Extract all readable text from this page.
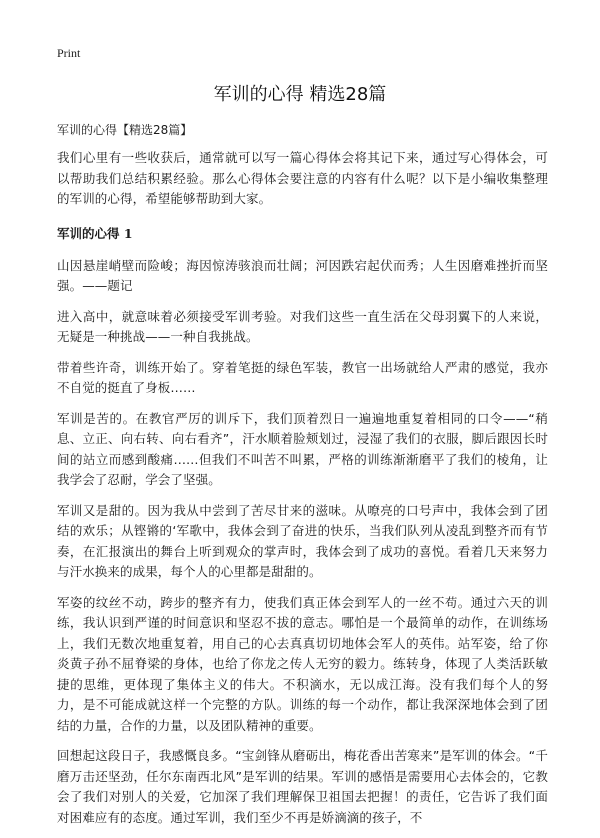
Print
军训的心得 精选28篇
军训的心得【精选28篇】

我们心里有一些收获后，通常就可以写一篇心得体会将其记下来，通过写心得体会，可以帮助我们总结积累经验。那么心得体会要注意的内容有什么呢？以下是小编收集整理的军训的心得，希望能够帮助到大家。

军训的心得 1

山因悬崖峭壁而险峻；海因惊涛骇浪而壮阔；河因跌宕起伏而秀；人生因磨难挫折而坚强。——题记

进入高中，就意味着必须接受军训考验。对我们这些一直生活在父母羽翼下的人来说，无疑是一种挑战——一种自我挑战。

带着些许奇，训练开始了。穿着笔挺的绿色军装，教官一出场就给人严肃的感觉，我亦不自觉的挺直了身板……

军训是苦的。在教官严厉的训斥下，我们顶着烈日一遍遍地重复着相同的口令——“稍息、立正、向右转、向右看齐”，汗水顺着脸颊划过，浸湿了我们的衣服，脚后跟因长时间的站立而感到酸痛……但我们不叫苦不叫累，严格的训练渐渐磨平了我们的棱角，让我学会了忍耐，学会了坚强。

军训又是甜的。因为我从中尝到了苦尽甘来的滋味。从嘹亮的口号声中，我体会到了团结的欢乐；从铿锵的‘军歌中，我体会到了奋进的快乐，当我们队列从凌乱到整齐而有节奏，在汇报演出的舞台上听到观众的掌声时，我体会到了成功的喜悦。看着几天来努力与汗水换来的成果，每个人的心里都是甜甜的。

军姿的纹丝不动，跨步的整齐有力，使我们真正体会到军人的一丝不苟。通过六天的训练，我认识到严谨的时间意识和坚忍不拔的意志。哪怕是一个最简单的动作，在训练场上，我们无数次地重复着，用自己的心去真真切切地体会军人的英伟。站军姿，给了你炎黄子孙不屈脊梁的身体，也给了你龙之传人无穷的毅力。练转身，体现了人类活跃敏捷的思维，更体现了集体主义的伟大。不积滴水，无以成江海。没有我们每个人的努力，是不可能成就这样一个完整的方队。训练的每一个动作，都让我深深地体会到了团结的力量，合作的力量，以及团队精神的重要。

回想起这段日子，我感慨良多。“宝剑锋从磨砺出，梅花香出苦寒来”是军训的体会。“千磨万击还坚劲，任尔东南西北风”是军训的结果。军训的感悟是需要用心去体会的，它教会了我们对别人的关爱，它加深了我们理解保卫祖国去把握！的责任，它告诉了我们面对困难应有的态度。通过军训，我们至少不再是娇滴滴的孩子，不
